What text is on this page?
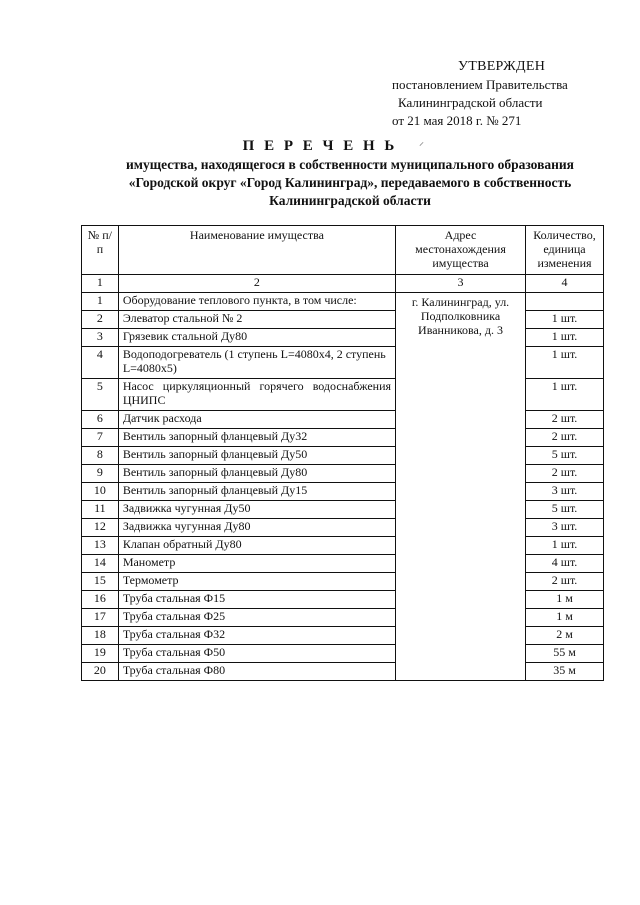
УТВЕРЖДЕН
постановлением Правительства
Калининградской области
от 21 мая 2018 г. № 271
П Е Р Е Ч Е Н Ь
имущества, находящегося в собственности муниципального образования
«Городской округ «Город Калининград», передаваемого в собственность
Калининградской области
№ п/п	Наименование имущества	Адрес местонахождения имущества	Количество, единица изменения
1	2	3	4
1	Оборудование теплового пункта, в том числе:	г. Калининград, ул. Подполковника Иванникова, д. 3	
2	Элеватор стальной № 2		1 шт.
3	Грязевик стальной Ду80		1 шт.
4	Водоподогреватель (1 ступень L=4080х4, 2 ступень L=4080х5)		1 шт.
5	Насос циркуляционный горячего водоснабжения ЦНИПС		1 шт.
6	Датчик расхода		2 шт.
7	Вентиль запорный фланцевый Ду32		2 шт.
8	Вентиль запорный фланцевый Ду50		5 шт.
9	Вентиль запорный фланцевый Ду80		2 шт.
10	Вентиль запорный фланцевый Ду15		3 шт.
11	Задвижка чугунная Ду50		5 шт.
12	Задвижка чугунная Ду80		3 шт.
13	Клапан обратный Ду80		1 шт.
14	Манометр		4 шт.
15	Термометр		2 шт.
16	Труба стальная Ф15		1 м
17	Труба стальная Ф25		1 м
18	Труба стальная Ф32		2 м
19	Труба стальная Ф50		55 м
20	Труба стальная Ф80		35 м
⸝
